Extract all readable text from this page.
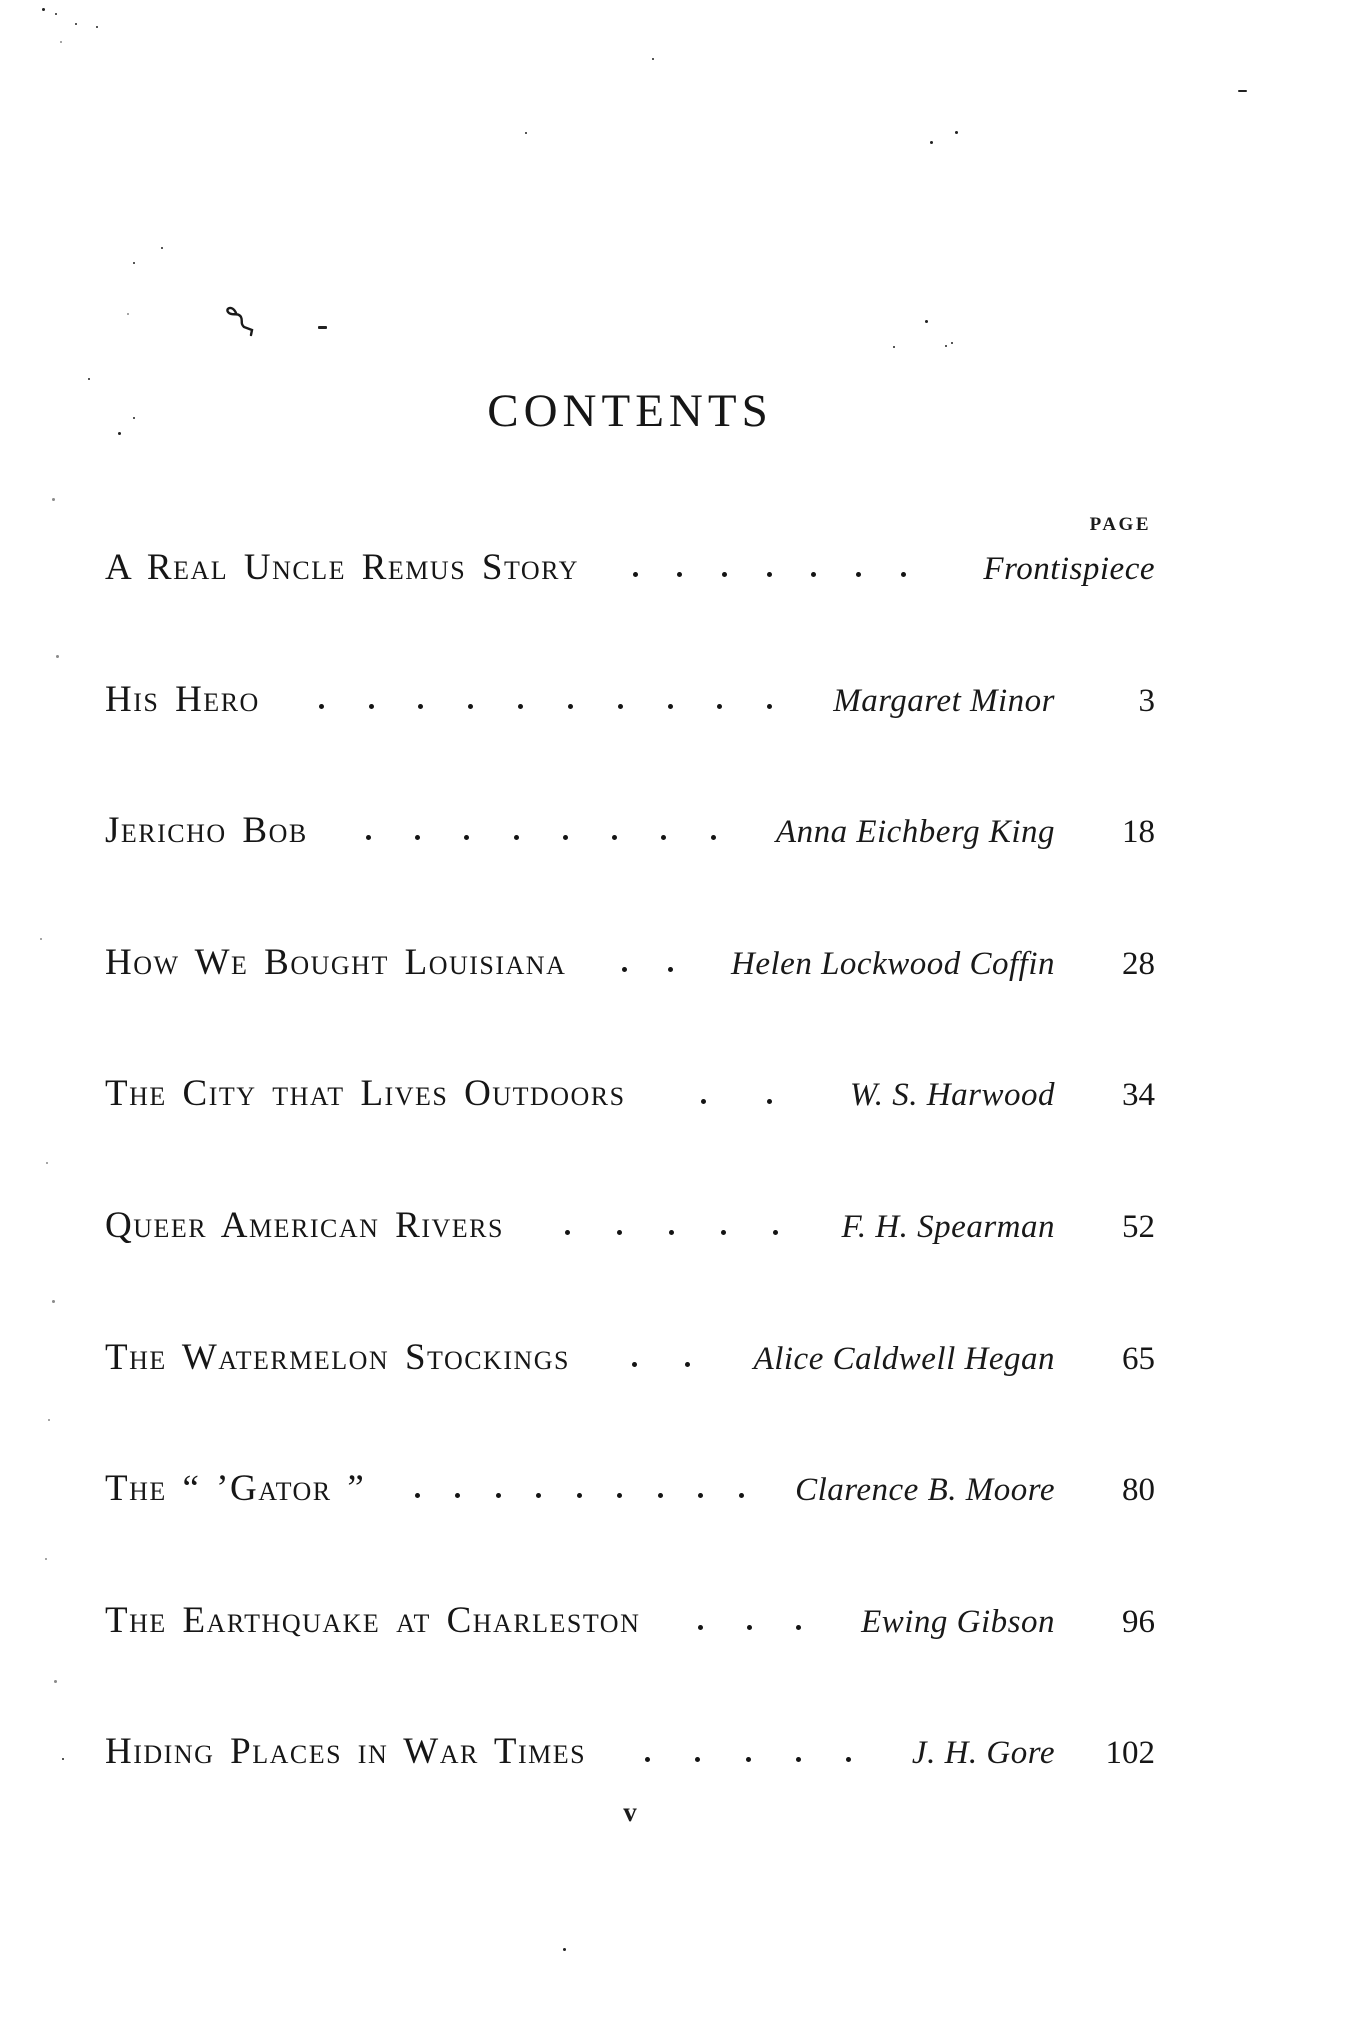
CONTENTS
PAGE
A Real Uncle Remus Story	Frontispiece
His Hero	Margaret Minor	3
Jericho Bob	Anna Eichberg King	18
How We Bought Louisiana	Helen Lockwood Coffin	28
The City that Lives Outdoors	W. S. Harwood	34
Queer American Rivers	F. H. Spearman	52
The Watermelon Stockings	Alice Caldwell Hegan	65
The “ ’Gator ”	Clarence B. Moore	80
The Earthquake at Charleston	Ewing Gibson	96
Hiding Places in War Times	J. H. Gore	102
v
